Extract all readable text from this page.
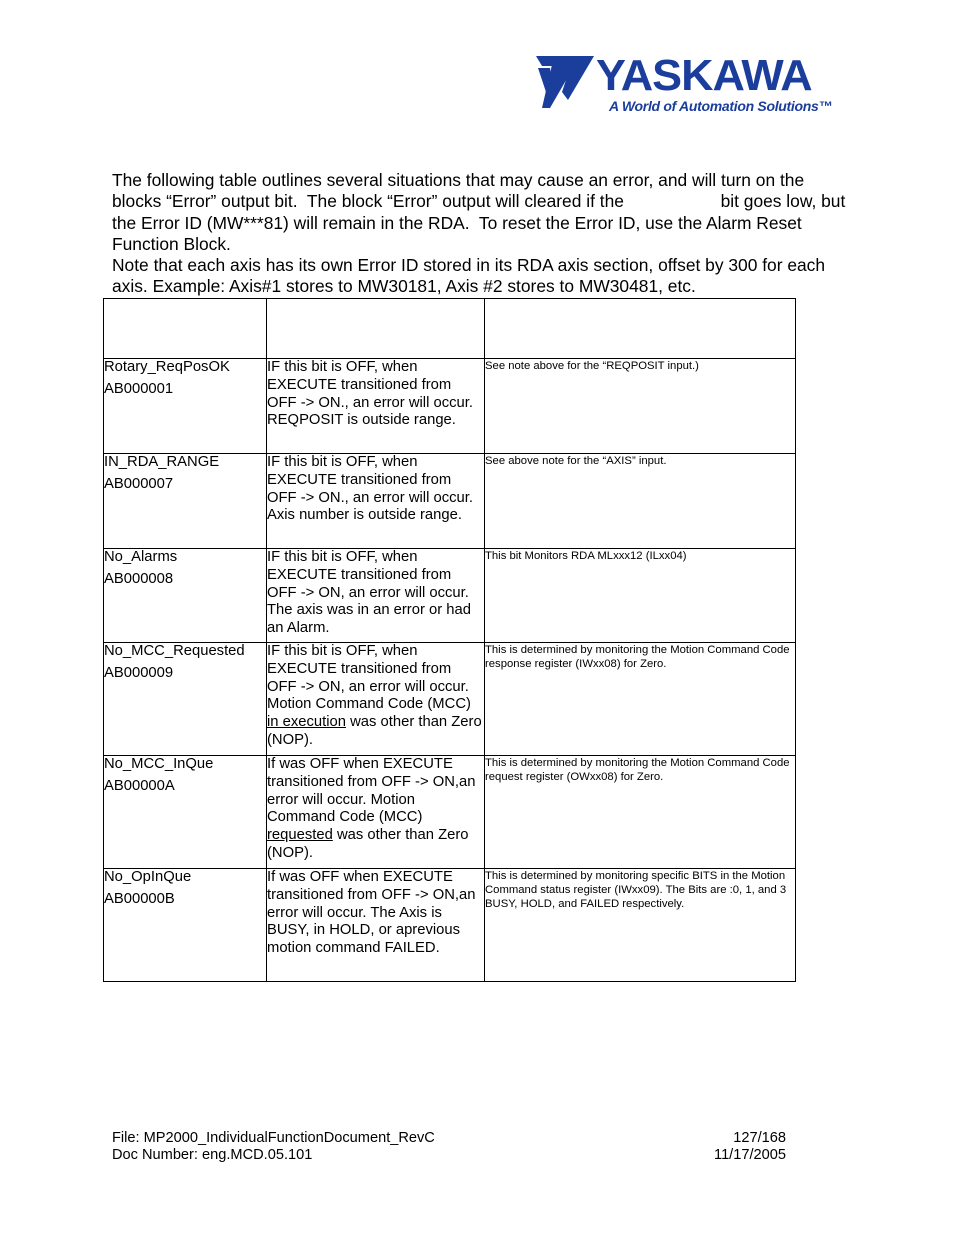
YASKAWA
A World of Automation Solutions™

The following table outlines several situations that may cause an error, and will turn on the blocks “Error” output bit.  The block “Error” output will cleared if the                    bit goes low, but the Error ID (MW***81) will remain in the RDA.  To reset the Error ID, use the Alarm Reset Function Block.

Note that each axis has its own Error ID stored in its RDA axis section, offset by 300 for each axis. Example: Axis#1 stores to MW30181, Axis #2 stores to MW30481, etc.

Rotary_ReqPosOK
AB000001	IF this bit is OFF, when EXECUTE transitioned from OFF -> ON., an error will occur. REQPOSIT is outside range.	See note above for the “REQPOSIT input.)

IN_RDA_RANGE
AB000007	IF this bit is OFF, when EXECUTE transitioned from OFF -> ON., an error will occur. Axis number is outside range.	See above note for the “AXIS” input.

No_Alarms
AB000008	IF this bit is OFF, when EXECUTE transitioned from OFF -> ON, an error will occur. The axis was in an error or had an Alarm.	This bit Monitors RDA MLxxx12 (ILxx04)

No_MCC_Requested
AB000009	IF this bit is OFF, when EXECUTE transitioned from OFF -> ON, an error will occur. Motion Command Code (MCC) in execution was other than Zero (NOP).	This is determined by monitoring the Motion Command Code response register (IWxx08) for Zero.

No_MCC_InQue
AB00000A	If was OFF when EXECUTE transitioned from OFF -> ON,an error will occur. Motion Command Code (MCC) requested was other than Zero (NOP).	This is determined by monitoring the Motion Command Code request register (OWxx08) for Zero.

No_OpInQue
AB00000B	If was OFF when EXECUTE transitioned from OFF -> ON,an error will occur. The Axis is BUSY, in HOLD, or aprevious motion command FAILED.	This is determined by monitoring specific BITS in the Motion Command status register (IWxx09). The Bits are :0, 1, and 3 BUSY, HOLD, and FAILED respectively.
File: MP2000_IndividualFunctionDocument_RevC	127/168
Doc Number: eng.MCD.05.101	11/17/2005
